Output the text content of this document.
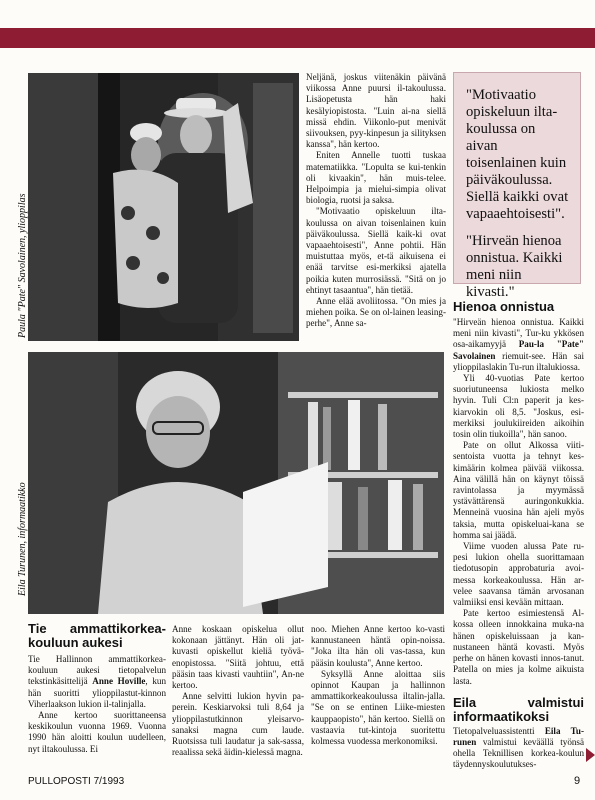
Paula "Pate" Savolainen, ylioppilas

Neljänä, joskus viitenäkin päivänä viikossa Anne puursi il-takoulussa. Lisäopetusta hän haki kesälyiopistosta. "Luin ai-na siellä missä ehdin. Viikonlo-put menivät siivouksen, pyy-kinpesun ja silityksen kanssa", hän kertoo.

Eniten Annelle tuotti tuskaa matematiikka. "Lopulta se kui-tenkin oli kivaakin", hän muis-telee. Helpoimpia ja mielui-simpia olivat biologia, ruotsi ja saksa.

"Motivaatio opiskeluun ilta-koulussa on aivan toisenlainen kuin päiväkoulussa. Siellä kaik-ki ovat vapaaehtoisesti", Anne pohtii. Hän muistuttaa myös, et-tä aikuisena ei enää tarvitse esi-merkiksi ajatella poikia kuten murrosiässä. "Sitä on jo ehtinyt tasaantua", hän tietää.

Anne elää avoliitossa. "On mies ja miehen poika. Se on ol-lainen leasing-perhe", Anne sa-

"Motivaatio opiskeluun ilta-koulussa on aivan toisenlainen kuin päiväkoulussa. Siellä kaikki ovat vapaaehtoisesti".

"Hirveän hienoa onnistua. Kaikki meni niin kivasti."

Hienoa onnistua

"Hirveän hienoa onnistua. Kaikki meni niin kivasti", Tur-ku ykkösen osa-aikamyyjä Pau-la "Pate" Savolainen riemuit-see. Hän sai ylioppilaslakin Tu-run iltalukiossa.

Yli 40-vuotias Pate kertoo suoriutuneensa lukiosta melko hyvin. Tuli Cl:n paperit ja kes-kiarvokin oli 8,5. "Joskus, esi-merkiksi joulukiireiden aikoihin tosin olin tiukoilla", hän sanoo.

Pate on ollut Alkossa viiti-sentoista vuotta ja tehnyt kes-kimäärin kolmea päivää viikossa. Aina välillä hän on käynyt töissä ravintolassa ja myymässä ystävättärensä auringonkukkia. Menneinä vuosina hän ajeli myös taksia, mutta opiskeluai-kana se homma sai jäädä.

Viime vuoden alussa Pate ru-pesi lukion ohella suorittamaan tiedotusopin approbaturia avoi-messa korkeakoulussa. Hän ar-velee saavansa tämän arvosanan valmiiksi ensi kevään mittaan.

Pate kertoo esimiestensä Al-kossa olleen innokkaina muka-na hänen opiskeluissaan ja kan-nustaneen häntä kovasti. Myös perhe on hänen kovasti innos-tanut. Patella on mies ja kolme aikuista lasta.

Eila valmistui informaatikoksi

Tietopalveluassistentti Eila Tu-runen valmistui keväällä työnsä ohella Teknillisen korkea-koulun täydennyskoulutukses-

Eila Turunen, informaatikko
Tie ammattikorkea-kouluun aukesi

Tie Hallinnon ammattikorkea-kouluun aukesi tietopalvelun tekstinkäsittelijä Anne Hoville, kun hän suoritti ylioppilastut-kinnon Viherlaakson lukion il-talinjalla.

Anne kertoo suorittaneensa keskikoulun vuonna 1969. Vuonna 1990 hän aloitti koulun uudelleen, nyt iltakoulussa. Ei

Anne koskaan opiskelua ollut kokonaan jättänyt. Hän oli jat-kuvasti opiskellut kieliä työvä-enopistossa. "Siitä johtuu, että pääsin taas kivasti vauhtiin", An-ne kertoo.

Anne selvitti lukion hyvin pa-perein. Keskiarvoksi tuli 8,64 ja ylioppilastutkinnon yleisarvo-sanaksi magna cum laude. Ruotsissa tuli laudatur ja sak-sassa, reaalissa sekä äidin-kielessä magna.

noo. Miehen Anne kertoo ko-vasti kannustaneen häntä opin-noissa. "Joka ilta hän oli vas-tassa, kun pääsin koulusta", Anne kertoo.

Syksyllä Anne aloittaa siis opinnot Kaupan ja hallinnon ammattikorkeakoulussa iltalin-jalla. "Se on se entinen Liike-miesten kauppaopisto", hän kertoo. Siellä on vastaavia tut-kintoja suoritettu kolmessa vuodessa merkonomiksi.

PULLOPOSTI 7/1993	9
